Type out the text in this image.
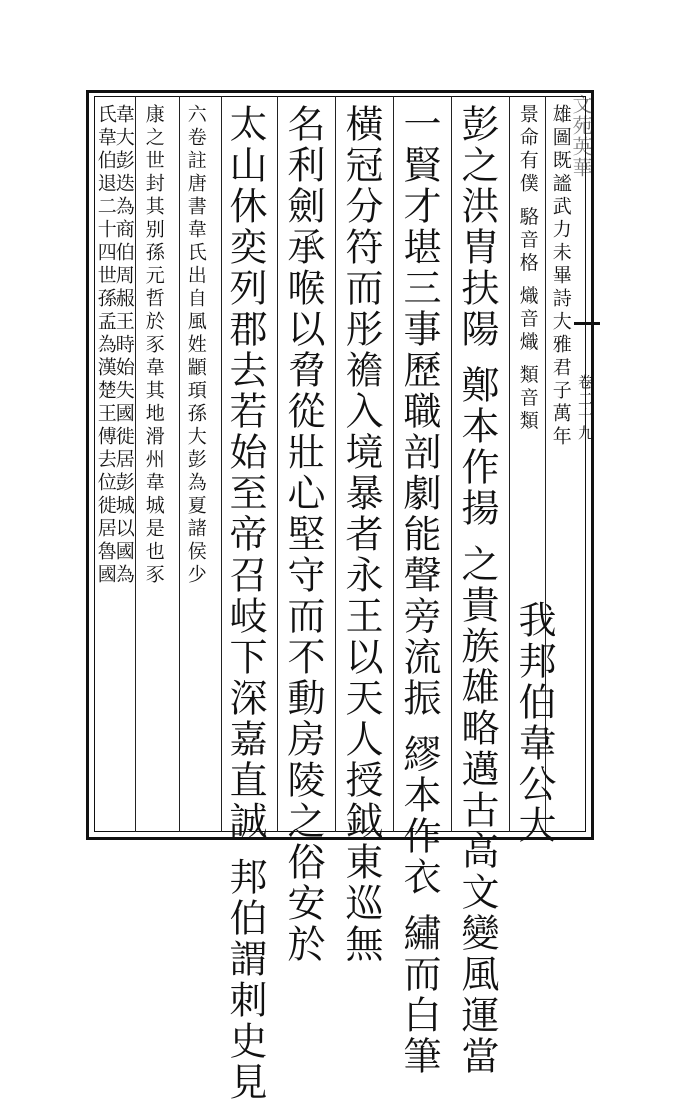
文苑英華
卷二十九
雄圖既謐武力未畢詩大雅君子萬年
景命有僕 駱音格 熾音熾 類音類
我邦伯韋公大
彭之洪胄扶陽 鄭本作揚 之貴族雄略邁古高文變風運當
一賢才堪三事歷職剖劇能聲旁流振 繆本作衣 繡而白筆
橫冠分符而彤襜入境暴者永王以天人授鉞東巡無
名利劍承喉以脅從壯心堅守而不動房陵之俗安於
太山休奕列郡去若始至帝召岐下深嘉直誠 邦伯謂刺史見
六卷註唐書韋氏出自風姓顓頊孫大彭為夏諸侯少
康之世封其别孫元哲於豕韋其地滑州韋城是也豕
韋大彭迭為商伯周赧王時始失國徙居彭城以國為
氏韋伯退二十四世孫孟為漢楚王傅去位徙居魯國
